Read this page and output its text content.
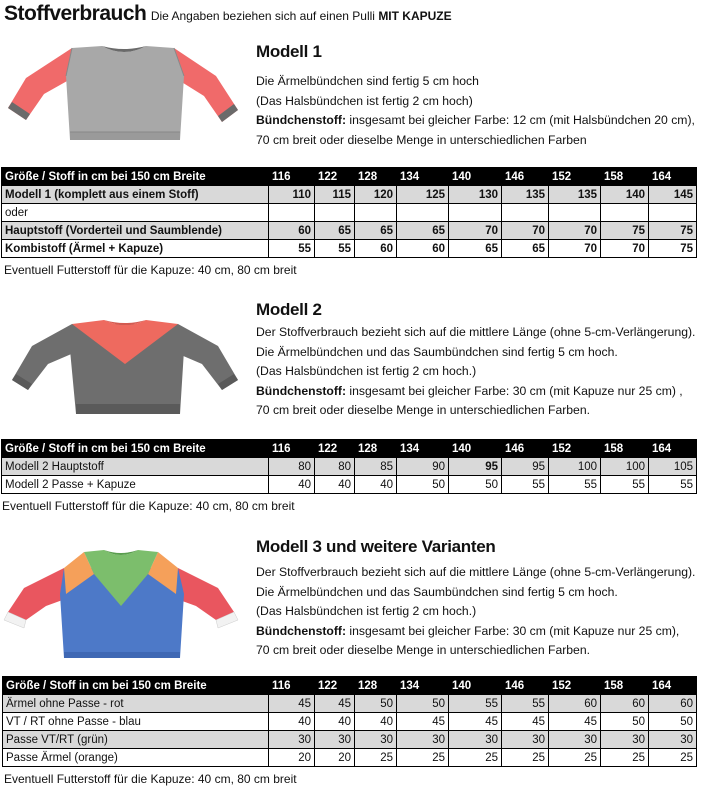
Stoffverbrauch Die Angaben beziehen sich auf einen Pulli MIT KAPUZE
Modell 1
Die Ärmelbündchen sind fertig 5 cm hoch
(Das Halsbündchen ist fertig 2 cm hoch)
Bündchenstoff: insgesamt bei gleicher Farbe: 12 cm (mit Halsbündchen 20 cm),
70 cm breit oder dieselbe Menge in unterschiedlichen Farben
Größe / Stoff in cm bei 150 cm Breite	116	122	128	134	140	146	152	158	164
Modell 1 (komplett aus einem Stoff)	110	115	120	125	130	135	135	140	145
oder									
Hauptstoff (Vorderteil und Saumblende)	60	65	65	65	70	70	70	75	75
Kombistoff (Ärmel + Kapuze)	55	55	60	60	65	65	70	70	75
Eventuell Futterstoff für die Kapuze: 40 cm, 80 cm breit
Modell 2
Der Stoffverbrauch bezieht sich auf die mittlere Länge (ohne 5-cm-Verlängerung).
Die Ärmelbündchen und das Saumbündchen sind fertig 5 cm hoch.
(Das Halsbündchen ist fertig 2 cm hoch.)
Bündchenstoff: insgesamt bei gleicher Farbe: 30 cm (mit Kapuze nur 25 cm) ,
70 cm breit oder dieselbe Menge in unterschiedlichen Farben.
Größe / Stoff in cm bei 150 cm Breite	116	122	128	134	140	146	152	158	164
Modell 2 Hauptstoff	80	80	85	90	95	95	100	100	105
Modell 2 Passe + Kapuze	40	40	40	50	50	55	55	55	55
Eventuell Futterstoff für die Kapuze: 40 cm, 80 cm breit
Modell 3 und weitere Varianten
Der Stoffverbrauch bezieht sich auf die mittlere Länge (ohne 5-cm-Verlängerung).
Die Ärmelbündchen und das Saumbündchen sind fertig 5 cm hoch.
(Das Halsbündchen ist fertig 2 cm hoch.)
Bündchenstoff: insgesamt bei gleicher Farbe: 30 cm (mit Kapuze nur 25 cm),
70 cm breit oder dieselbe Menge in unterschiedlichen Farben.
Größe / Stoff in cm bei 150 cm Breite	116	122	128	134	140	146	152	158	164
Ärmel ohne Passe - rot	45	45	50	50	55	55	60	60	60
VT / RT ohne Passe - blau	40	40	40	45	45	45	45	50	50
Passe VT/RT (grün)	30	30	30	30	30	30	30	30	30
Passe Ärmel (orange)	20	20	25	25	25	25	25	25	25
Eventuell Futterstoff für die Kapuze: 40 cm, 80 cm breit
